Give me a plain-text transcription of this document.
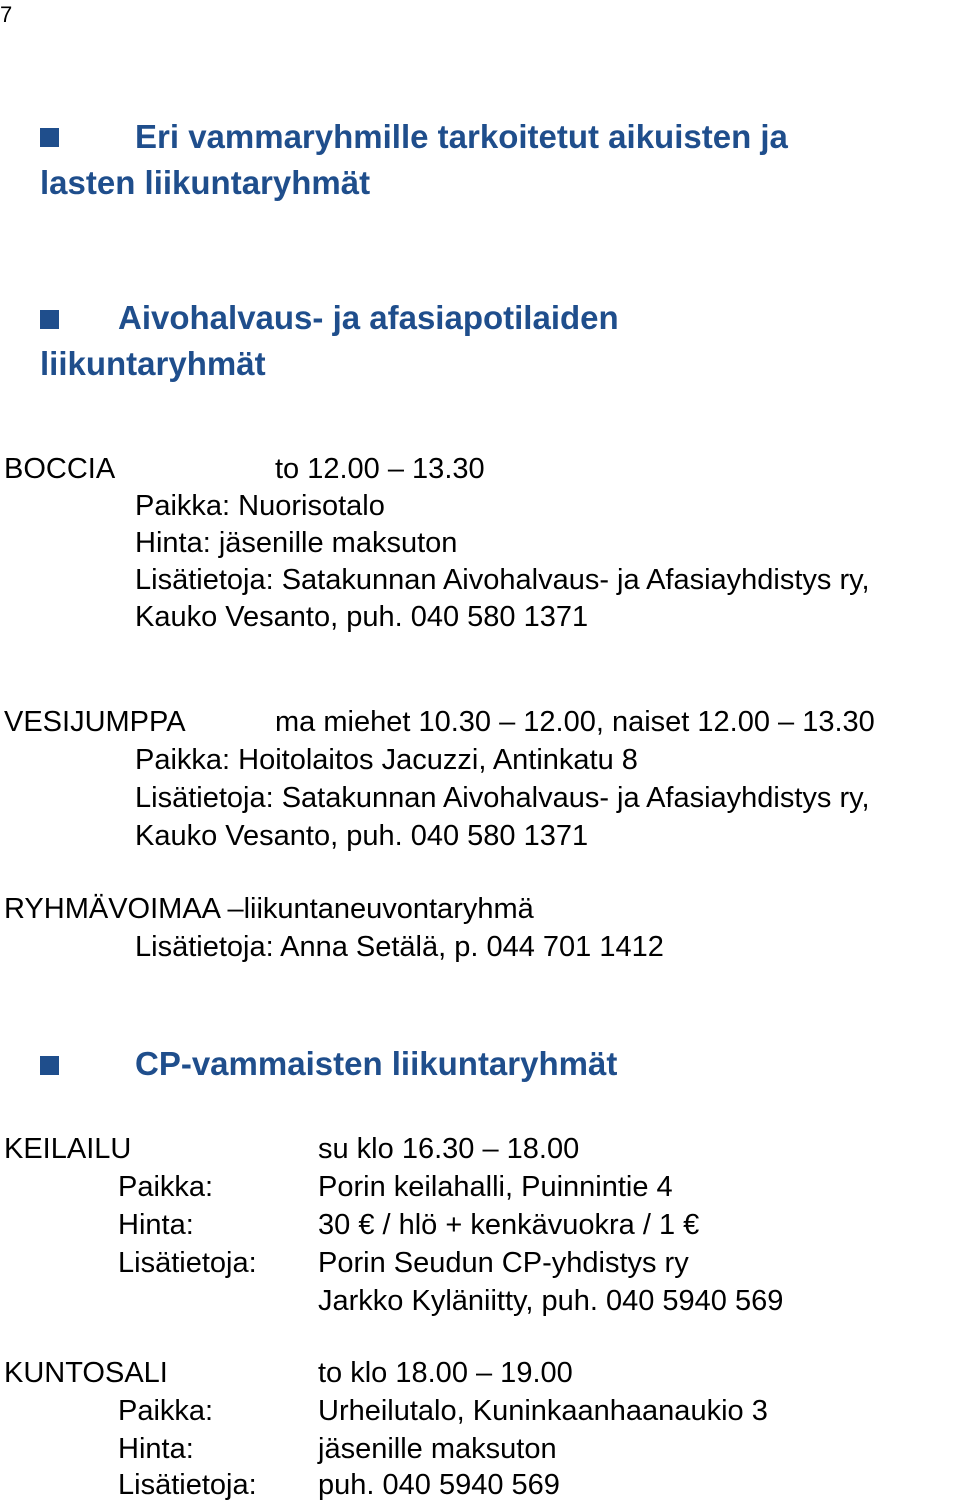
7
Eri vammaryhmille tarkoitetut aikuisten ja
lasten liikuntaryhmät
Aivohalvaus- ja afasiapotilaiden
liikuntaryhmät
BOCCIA	to 12.00 – 13.30
Paikka: Nuorisotalo
Hinta: jäsenille maksuton
Lisätietoja: Satakunnan Aivohalvaus- ja Afasiayhdistys ry,
Kauko Vesanto, puh. 040 580 1371
VESIJUMPPA	ma miehet 10.30 – 12.00, naiset 12.00 – 13.30
Paikka: Hoitolaitos Jacuzzi, Antinkatu 8
Lisätietoja: Satakunnan Aivohalvaus- ja Afasiayhdistys ry,
Kauko Vesanto, puh. 040 580 1371
RYHMÄVOIMAA –liikuntaneuvontaryhmä
Lisätietoja: Anna Setälä, p. 044 701 1412
CP-vammaisten liikuntaryhmät
KEILAILU	su klo 16.30 – 18.00
Paikka:	Porin keilahalli, Puinnintie 4
Hinta:	30 € / hlö + kenkävuokra / 1 €
Lisätietoja: Porin Seudun CP-yhdistys ry
Jarkko Kyläniitty, puh. 040 5940 569
KUNTOSALI	to klo 18.00 – 19.00
Paikka:	Urheilutalo, Kuninkaanhaanaukio 3
Hinta:	jäsenille maksuton
Lisätietoja: puh. 040 5940 569
